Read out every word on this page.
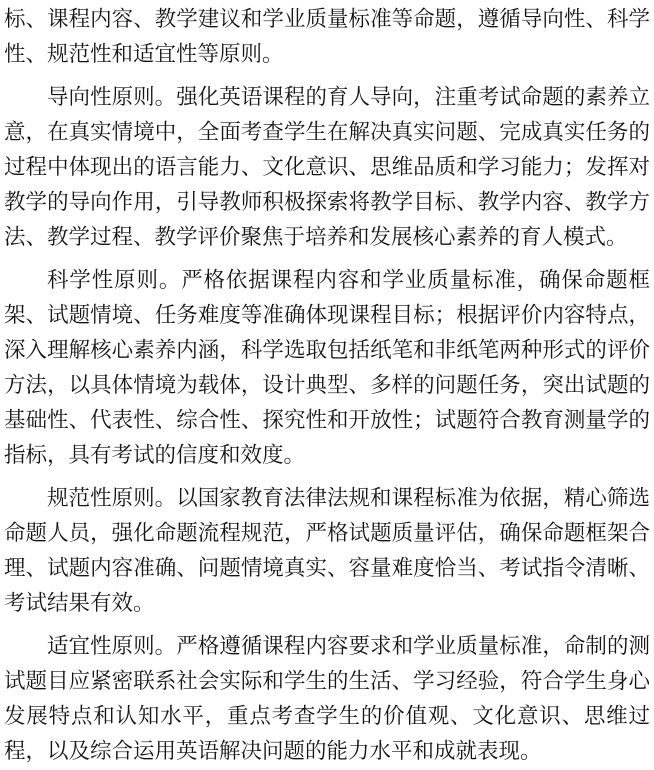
标、课程内容、教学建议和学业质量标准等命题，遵循导向性、科学
性、规范性和适宜性等原则。
导向性原则。强化英语课程的育人导向，注重考试命题的素养立
意，在真实情境中，全面考查学生在解决真实问题、完成真实任务的
过程中体现出的语言能力、文化意识、思维品质和学习能力；发挥对
教学的导向作用，引导教师积极探索将教学目标、教学内容、教学方
法、教学过程、教学评价聚焦于培养和发展核心素养的育人模式。
科学性原则。严格依据课程内容和学业质量标准，确保命题框
架、试题情境、任务难度等准确体现课程目标；根据评价内容特点，
深入理解核心素养内涵，科学选取包括纸笔和非纸笔两种形式的评价
方法，以具体情境为载体，设计典型、多样的问题任务，突出试题的
基础性、代表性、综合性、探究性和开放性；试题符合教育测量学的
指标，具有考试的信度和效度。
规范性原则。以国家教育法律法规和课程标准为依据，精心筛选
命题人员，强化命题流程规范，严格试题质量评估，确保命题框架合
理、试题内容准确、问题情境真实、容量难度恰当、考试指令清晰、
考试结果有效。
适宜性原则。严格遵循课程内容要求和学业质量标准，命制的测
试题目应紧密联系社会实际和学生的生活、学习经验，符合学生身心
发展特点和认知水平，重点考查学生的价值观、文化意识、思维过
程，以及综合运用英语解决问题的能力水平和成就表现。
